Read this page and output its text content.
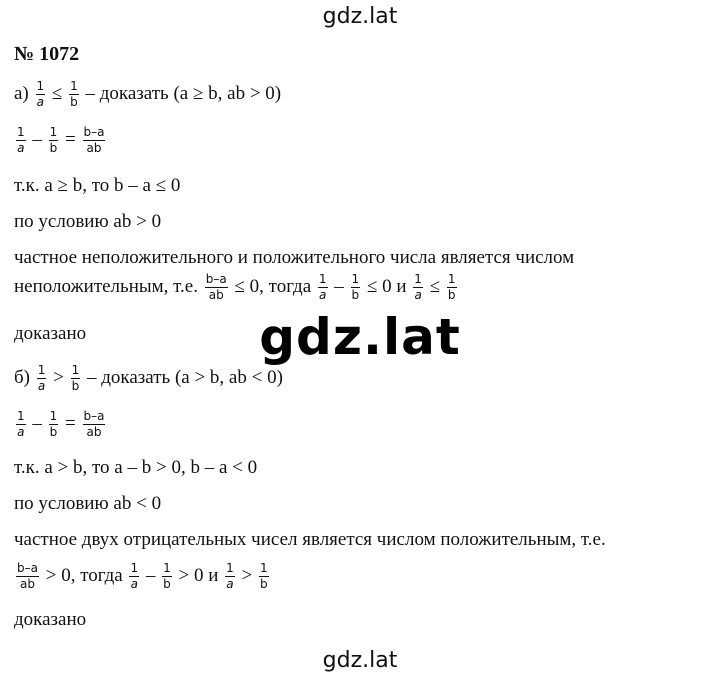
gdz.lat
gdz.lat
№ 1072
$а) \frac{1}{a} \le \frac{1}{b}$ – доказать (a ≥ b, ab > 0)
$\frac{1}{a} - \frac{1}{b} = \frac{b-a}{ab}$
т.к. a ≥ b, то b – a ≤ 0
по условию ab > 0
частное неположительного и положительного числа является числом
неположительным, т.е. $\frac{b-a}{ab} \le 0$, тогда $\frac{1}{a} - \frac{1}{b} \le 0$ и $\frac{1}{a} \le \frac{1}{b}$
доказано
$б) \frac{1}{a} > \frac{1}{b}$ – доказать (a > b, ab < 0)
$\frac{1}{a} - \frac{1}{b} = \frac{b-a}{ab}$
т.к. a > b, то a – b > 0, b – a < 0
по условию ab < 0
частное двух отрицательных чисел является числом положительным, т.е.
$\frac{b-a}{ab} > 0$, тогда $\frac{1}{a} - \frac{1}{b} > 0$ и $\frac{1}{a} > \frac{1}{b}$
доказано
gdz.lat
